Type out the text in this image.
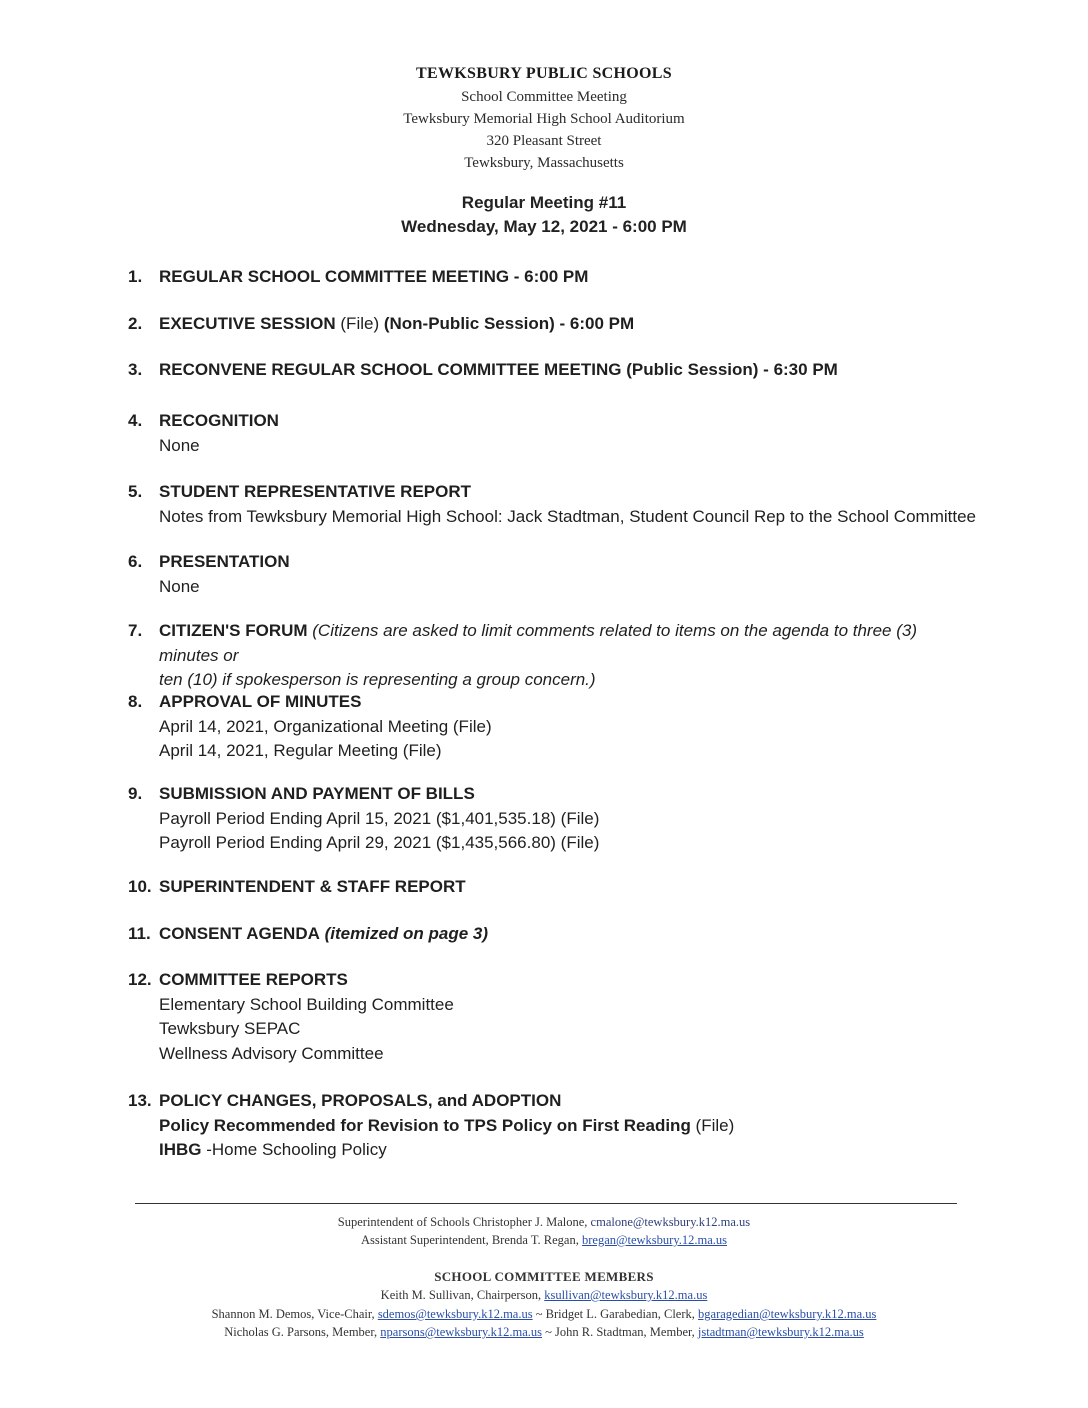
TEWKSBURY PUBLIC SCHOOLS
School Committee Meeting
Tewksbury Memorial High School Auditorium
320 Pleasant Street
Tewksbury, Massachusetts
Regular Meeting #11
Wednesday, May 12, 2021 - 6:00 PM
1. REGULAR SCHOOL COMMITTEE MEETING - 6:00 PM
2. EXECUTIVE SESSION (File) (Non-Public Session) - 6:00 PM
3. RECONVENE REGULAR SCHOOL COMMITTEE MEETING (Public Session) - 6:30 PM
4. RECOGNITION
None
5. STUDENT REPRESENTATIVE REPORT
Notes from Tewksbury Memorial High School: Jack Stadtman, Student Council Rep to the School Committee
6. PRESENTATION
None
7. CITIZEN'S FORUM (Citizens are asked to limit comments related to items on the agenda to three (3) minutes or
ten (10) if spokesperson is representing a group concern.)
8. APPROVAL OF MINUTES
April 14, 2021, Organizational Meeting (File)
April 14, 2021, Regular Meeting (File)
9. SUBMISSION AND PAYMENT OF BILLS
Payroll Period Ending April 15, 2021 ($1,401,535.18) (File)
Payroll Period Ending April 29, 2021 ($1,435,566.80) (File)
10. SUPERINTENDENT & STAFF REPORT
11. CONSENT AGENDA (itemized on page 3)
12. COMMITTEE REPORTS
Elementary School Building Committee
Tewksbury SEPAC
Wellness Advisory Committee
13. POLICY CHANGES, PROPOSALS, and ADOPTION
Policy Recommended for Revision to TPS Policy on First Reading (File)
IHBG -Home Schooling Policy
Superintendent of Schools Christopher J. Malone, cmalone@tewksbury.k12.ma.us
Assistant Superintendent, Brenda T. Regan, bregan@tewksbury.12.ma.us
SCHOOL COMMITTEE MEMBERS
Keith M. Sullivan, Chairperson, ksullivan@tewksbury.k12.ma.us
Shannon M. Demos, Vice-Chair, sdemos@tewksbury.k12.ma.us ~ Bridget L. Garabedian, Clerk, bgaragedian@tewksbury.k12.ma.us
Nicholas G. Parsons, Member, nparsons@tewksbury.k12.ma.us ~ John R. Stadtman, Member, jstadtman@tewksbury.k12.ma.us
